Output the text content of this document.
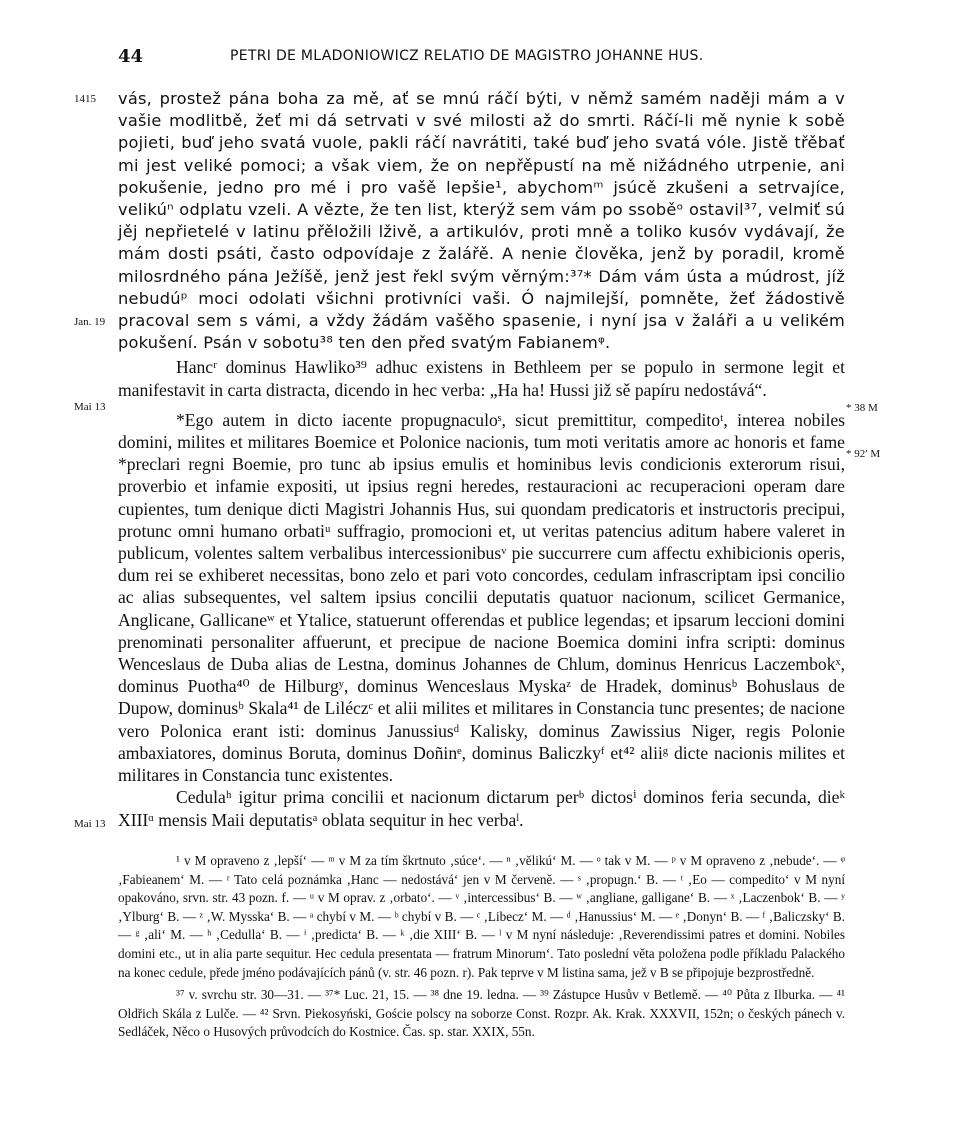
44	PETRI DE MLADONIOWICZ RELATIO DE MAGISTRO JOHANNE HUS.
1415
Jan. 19
Mai 13
Mai 13
* 38 M
* 92′ M

vás, prostež pána boha za mě, ať se mnú ráčí býti, v němž samém naději mám a v vašie modlitbě, žeť mi dá setrvati v své milosti až do smrti. Ráčí-li mě nynie k sobě pojieti, buď jeho svatá vuole, pakli ráčí navrátiti, také buď jeho svatá vóle. Jistě třěbať mi jest veliké pomoci; a však viem, že on nepřěpustí na mě nižádného utrpenie, ani pokušenie, jedno pro mé i pro vašě lepšie¹, abychomᵐ jsúcě zkušeni a setrvajíce, velikúⁿ odplatu vzeli. A vězte, že ten list, kterýž sem vám po ssoběᵒ ostavil³⁷, velmiť sú jěj nepřietelé v latinu přěložili lživě, a artikulóv, proti mně a toliko kusóv vydávají, že mám dosti psáti, často odpovídaje z žalářě. A nenie člověka, jenž by poradil, kromě milosrdného pána Ježíšě, jenž jest řekl svým věrným:³⁷* Dám vám ústa a múdrost, jíž nebudúᵖ moci odolati všichni protivníci vaši. Ó najmilejší, pomněte, žeť žádostivě pracoval sem s vámi, a vždy žádám vašěho spasenie, i nyní jsa v žaláři a u velikém pokušení. Psán v sobotu³⁸ ten den před svatým Fabianemᵠ.

Hancʳ dominus Hawliko³⁹ adhuc existens in Bethleem per se populo in sermone legit et manifestavit in carta distracta, dicendo in hec verba: „Ha ha! Hussi již sě papíru nedostává“.

*Ego autem in dicto iacente propugnaculoˢ, sicut premittitur, compeditoᵗ, interea nobiles domini, milites et militares Boemice et Polonice nacionis, tum moti veritatis amore ac honoris et fame *preclari regni Boemie, pro tunc ab ipsius emulis et hominibus levis condicionis exterorum risui, proverbio et infamie expositi, ut ipsius regni heredes, restauracioni ac recuperacioni operam dare cupientes, tum denique dicti Magistri Johannis Hus, sui quondam predicatoris et instructoris precipui, protunc omni humano orbatiᵘ suffragio, promocioni et, ut veritas patencius aditum habere valeret in publicum, volentes saltem verbalibus intercessionibusᵛ pie succurrere cum affectu exhibicionis operis, dum rei se exhiberet necessitas, bono zelo et pari voto concordes, cedulam infrascriptam ipsi concilio ac alias subsequentes, vel saltem ipsius concilii deputatis quatuor nacionum, scilicet Germanice, Anglicane, Gallicaneʷ et Ytalice, statuerunt offerendas et publice legendas; et ipsarum leccioni domini prenominati personaliter affuerunt, et precipue de nacione Boemica domini infra scripti: dominus Wenceslaus de Duba alias de Lestna, dominus Johannes de Chlum, dominus Henricus Laczembokˣ, dominus Puotha⁴⁰ de Hilburgʸ, dominus Wenceslaus Myskaᶻ de Hradek, dominusᵇ Bohuslaus de Dupow, dominusᵇ Skala⁴¹ de Liléczᶜ et alii milites et militares in Constancia tunc presentes; de nacione vero Polonica erant isti: dominus Janussiusᵈ Kalisky, dominus Zawissius Niger, regis Polonie ambaxiatores, dominus Boruta, dominus Doñinᵉ, dominus Baliczkyᶠ et⁴² aliiᵍ dicte nacionis milites et militares in Constancia tunc existentes.

Cedulaʰ igitur prima concilii et nacionum dictarum perᵇ dictosⁱ dominos feria secunda, dieᵏ XIIIᵅ mensis Maii deputatisᵃ oblata sequitur in hec verbaˡ.

¹ v M opraveno z ‚lepší‘ — ᵐ v M za tím škrtnuto ‚súce‘. — ⁿ ‚vĕlikú‘ M. — ᵒ tak v M. — ᵖ v M opraveno z ‚nebude‘. — ᵠ ‚Fabieanem‘ M. — ʳ Tato celá poznámka ‚Hanc — nedostává‘ jen v M červeně. — ˢ ‚propugn.‘ B. — ᵗ ‚Eo — compedito‘ v M nyní opakováno, srvn. str. 43 pozn. f. — ᵘ v M oprav. z ‚orbato‘. — ᵛ ‚intercessibus‘ B. — ʷ ‚angliane, galligane‘ B. — ˣ ‚Laczenbok‘ B. — ʸ ‚Ylburg‘ B. — ᶻ ‚W. Mysska‘ B. — ᵃ chybí v M. — ᵇ chybí v B. — ᶜ ‚Libecz‘ M. — ᵈ ‚Hanussius‘ M. — ᵉ ‚Donyn‘ B. — ᶠ ‚Baliczsky‘ B. — ᵍ ‚ali‘ M. — ʰ ‚Cedulla‘ B. — ⁱ ‚predicta‘ B. — ᵏ ‚die XIII‘ B. — ˡ v M nyní následuje: ‚Reverendissimi patres et domini. Nobiles domini etc., ut in alia parte sequitur. Hec cedula presentata — fratrum Minorum‘. Tato poslední věta položena podle příkladu Palackého na konec cedule, přede jméno podávajících pánů (v. str. 46 pozn. r). Pak teprve v M listina sama, jež v B se připojuje bezprostředně.

³⁷ v. svrchu str. 30—31. — ³⁷* Luc. 21, 15. — ³⁸ dne 19. ledna. — ³⁹ Zástupce Husův v Betlemě. — ⁴⁰ Půta z Ilburka. — ⁴¹ Oldřich Skála z Lulče. — ⁴² Srvn. Piekosyński, Goście polscy na soborze Const. Rozpr. Ak. Krak. XXXVII, 152n; o českých pánech v. Sedláček, Něco o Husových průvodcích do Kostnice. Čas. sp. star. XXIX, 55n.
